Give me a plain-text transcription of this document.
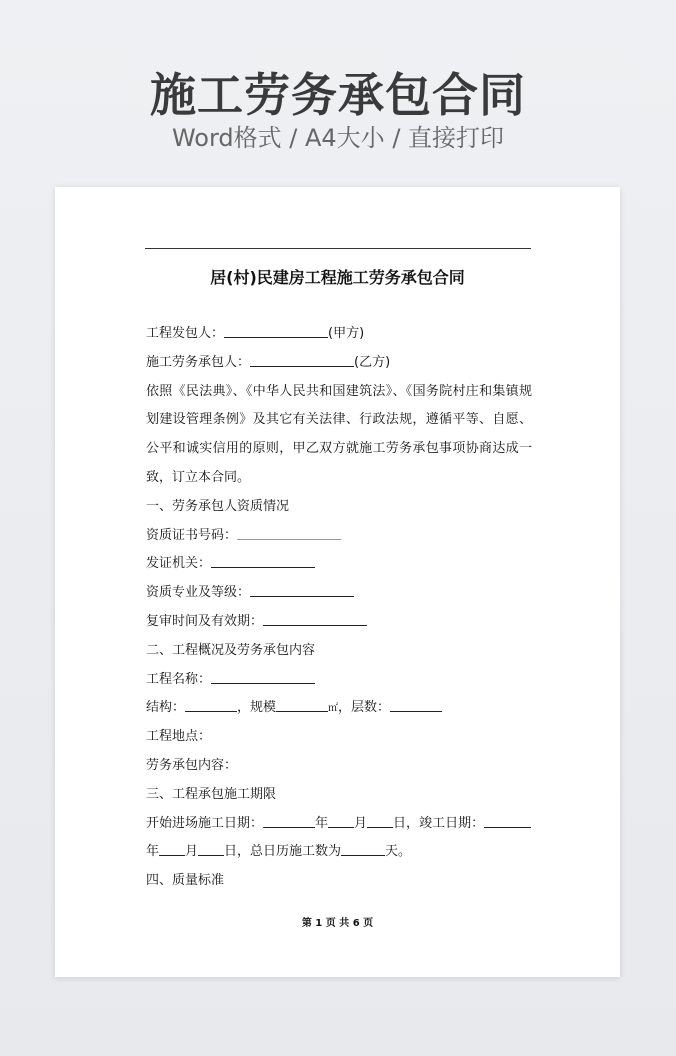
施工劳务承包合同
Word格式 / A4大小 / 直接打印
居(村)民建房工程施工劳务承包合同
工程发包人：	(甲方)
施工劳务承包人：	(乙方)
依照《民法典》、《中华人民共和国建筑法》、《国务院村庄和集镇规划建设管理条例》及其它有关法律、行政法规，遵循平等、自愿、公平和诚实信用的原则，甲乙双方就施工劳务承包事项协商达成一致，订立本合同。
一、劳务承包人资质情况
资质证书号码：
发证机关：
资质专业及等级：
复审时间及有效期：
二、工程概况及劳务承包内容
工程名称：
结构：	，规模	㎡，层数：
工程地点：
劳务承包内容：
三、工程承包施工期限
开始进场施工日期：	年 月 日，竣工日期：
年 月 日，总日历施工数为	天。
四、质量标准
第 1 页 共 6 页
